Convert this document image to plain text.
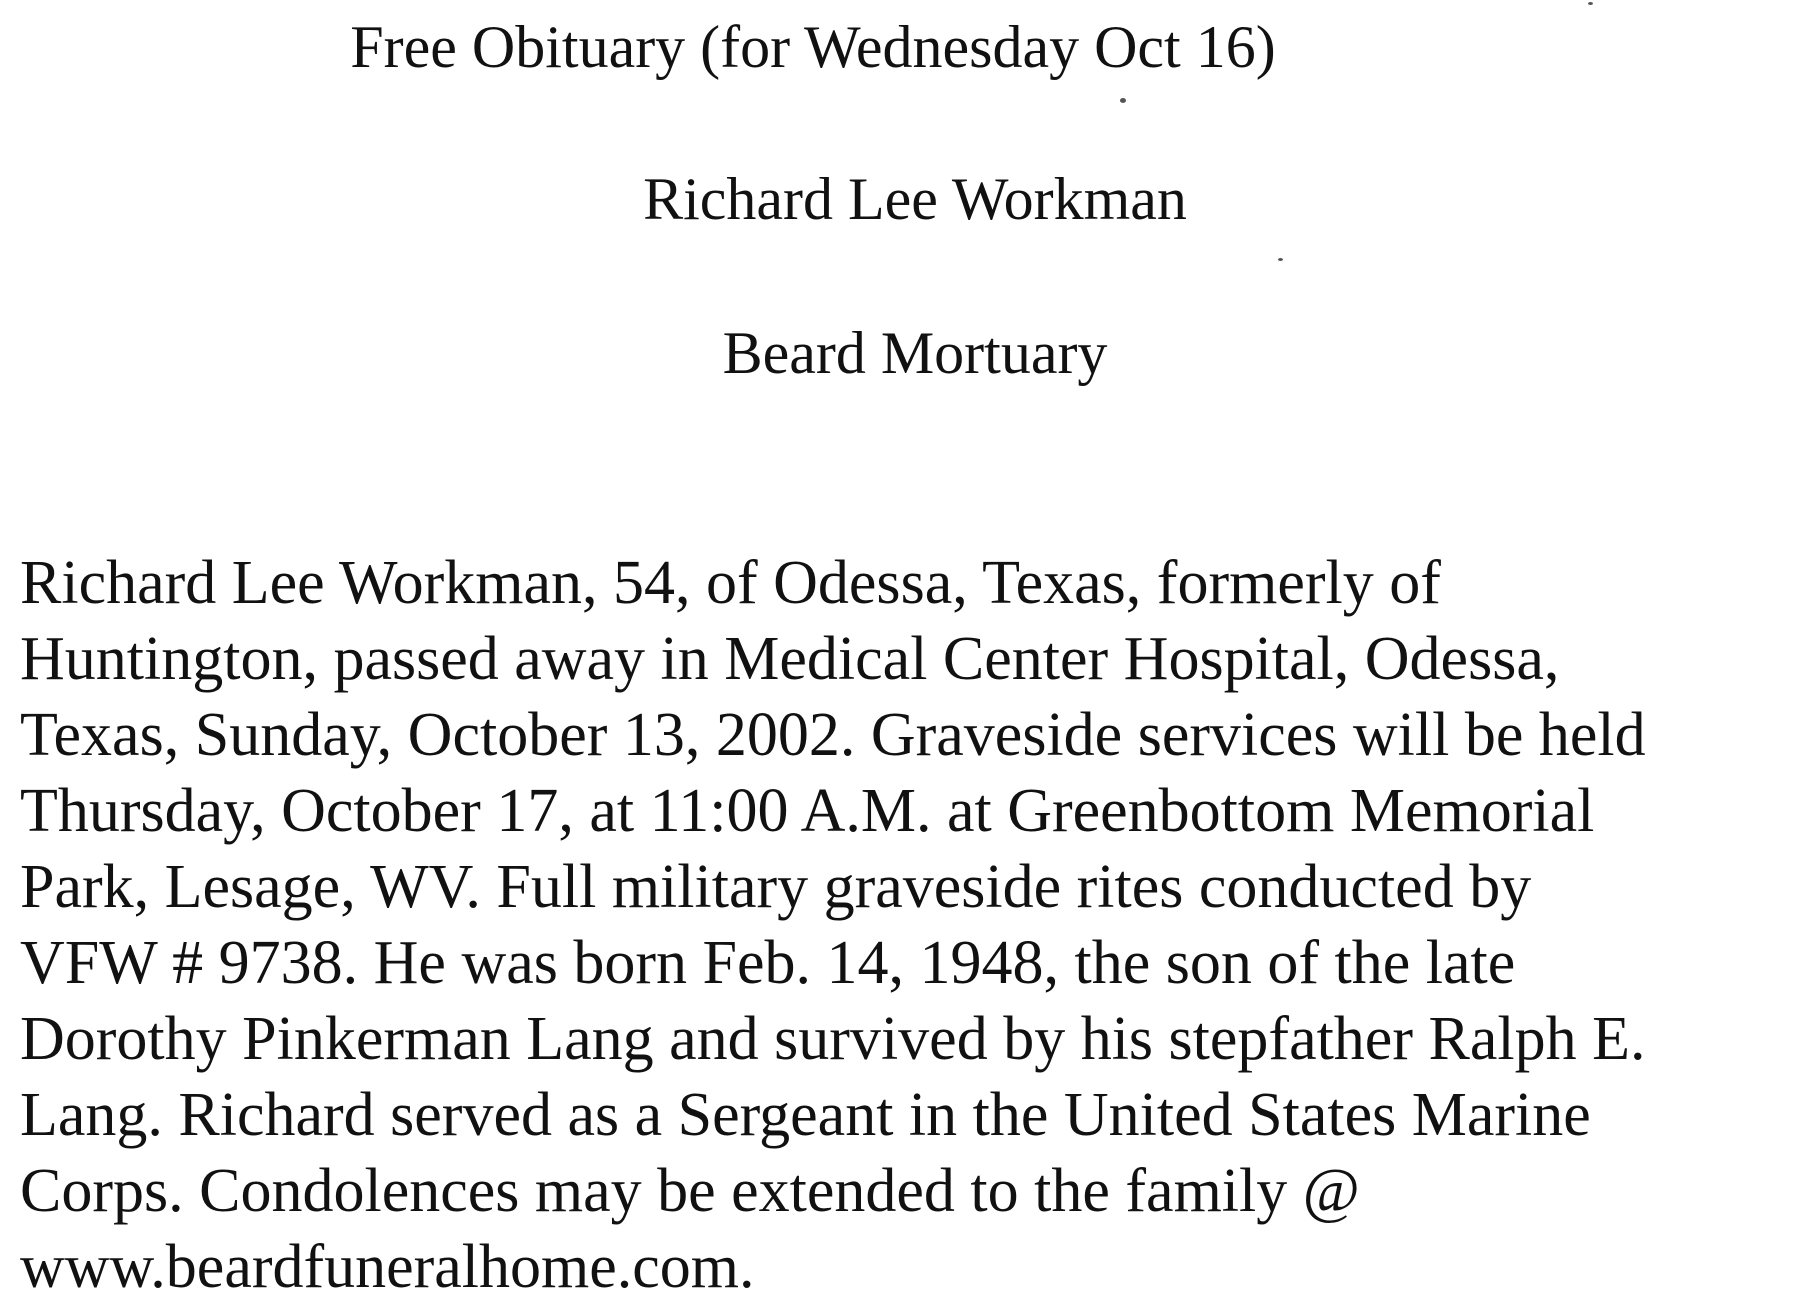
Free Obituary (for Wednesday Oct 16)
Richard Lee Workman
Beard Mortuary

Richard Lee Workman, 54, of Odessa, Texas, formerly of
Huntington, passed away in Medical Center Hospital, Odessa,
Texas, Sunday, October 13, 2002. Graveside services will be held
Thursday, October 17, at 11:00 A.M. at Greenbottom Memorial
Park, Lesage, WV. Full military graveside rites conducted by
VFW # 9738. He was born Feb. 14, 1948, the son of the late
Dorothy Pinkerman Lang and survived by his stepfather Ralph E.
Lang. Richard served as a Sergeant in the United States Marine
Corps. Condolences may be extended to the family @
www.beardfuneralhome.com.
